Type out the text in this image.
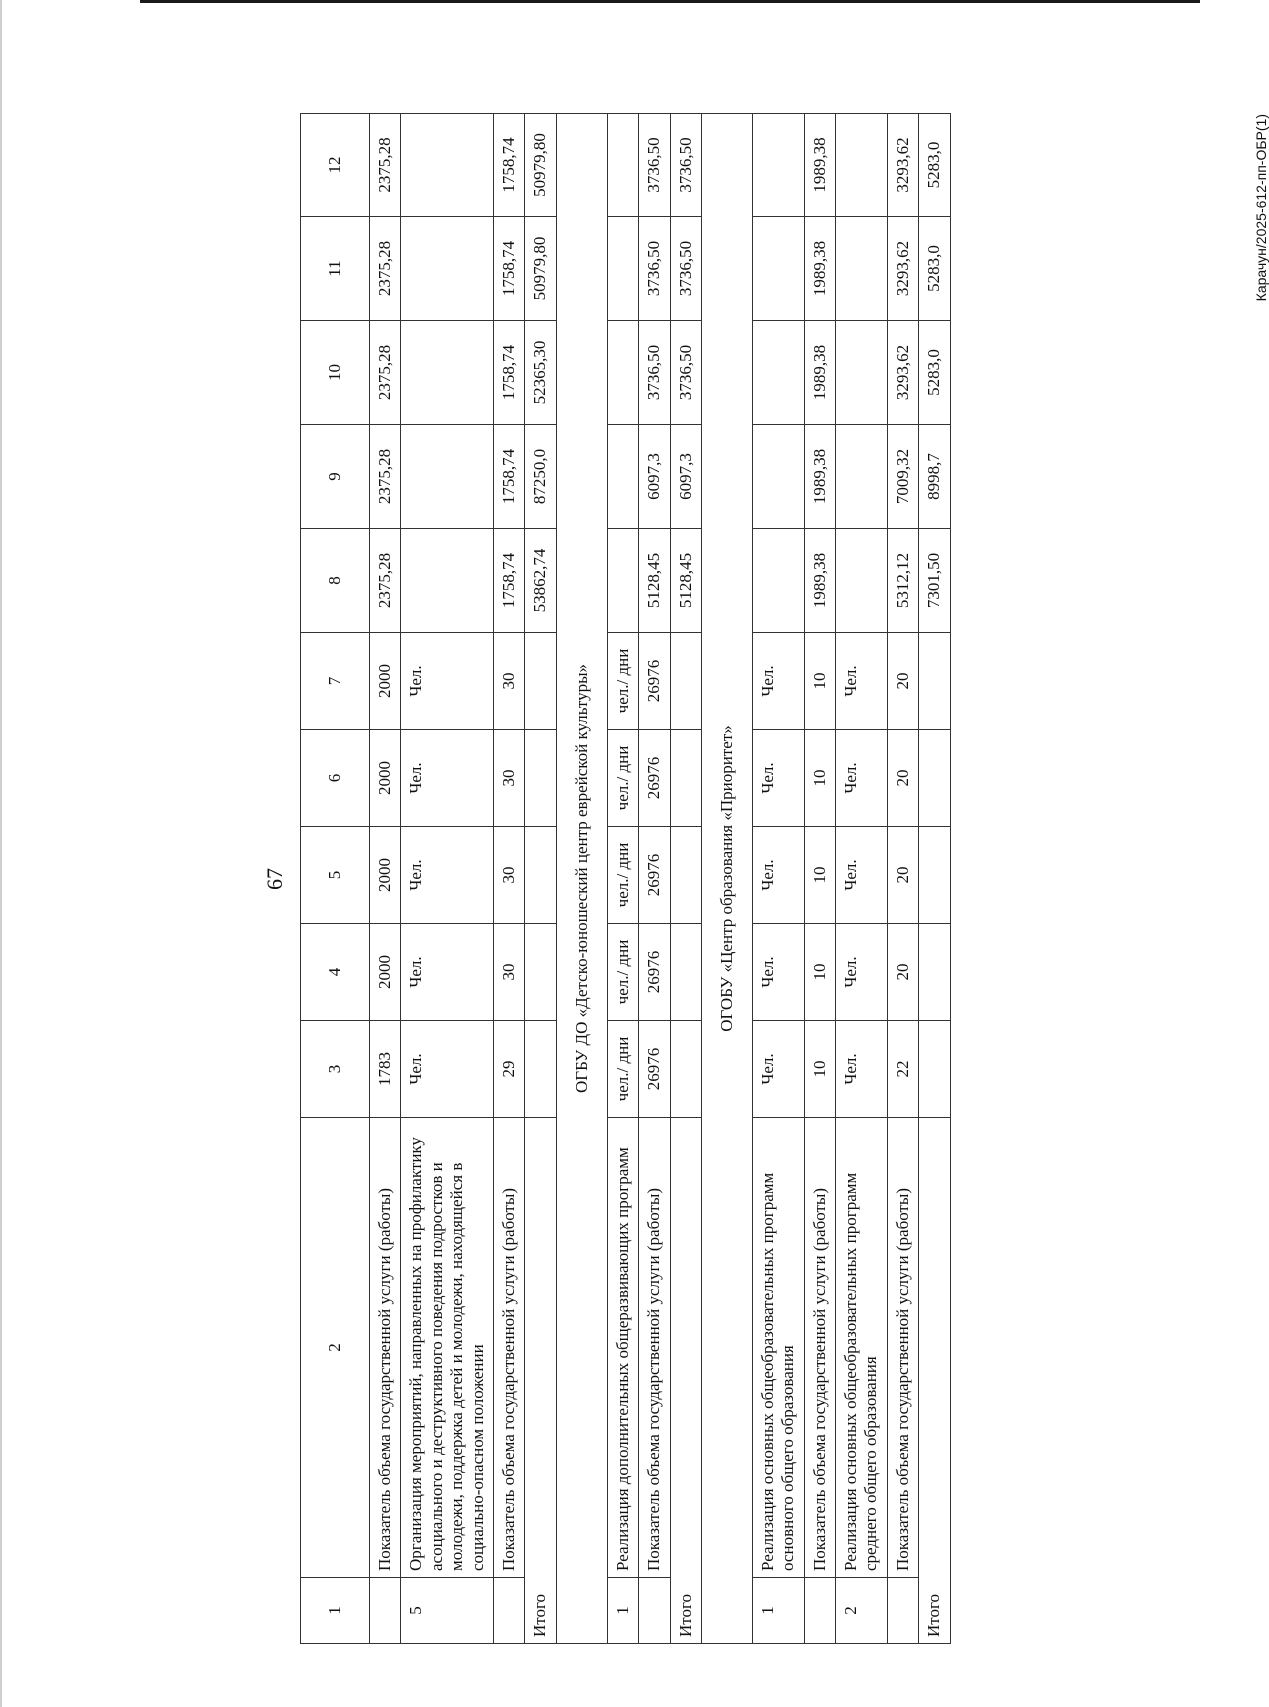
67
1	2	3	4	5	6	7	8	9	10	11	12
	Показатель объема государственной услуги (работы)	1783	2000	2000	2000	2000	2375,28	2375,28	2375,28	2375,28	2375,28
5	Организация мероприятий, направленных на профилактику асоциального и деструктивного поведения подростков и молодежи, поддержка детей и молодежи, находящейся в социально-опасном положении	Чел.	Чел.	Чел.	Чел.	Чел.					
	Показатель объема государственной услуги (работы)	29	30	30	30	30	1758,74	1758,74	1758,74	1758,74	1758,74
Итого							53862,74	87250,0	52365,30	50979,80	50979,80
ОГБУ ДО «Детско-юношеский центр еврейской культуры»											
1	Реализация дополнительных общеразвивающих программ	чел./ дни	чел./ дни	чел./ дни	чел./ дни	чел./ дни					
	Показатель объема государственной услуги (работы)	26976	26976	26976	26976	26976	5128,45	6097,3	3736,50	3736,50	3736,50
Итого							5128,45	6097,3	3736,50	3736,50	3736,50
ОГОБУ «Центр образования «Приоритет»											
1	Реализация основных общеобразовательных программ основного общего образования	Чел.	Чел.	Чел.	Чел.	Чел.					
	Показатель объема государственной услуги (работы)	10	10	10	10	10	1989,38	1989,38	1989,38	1989,38	1989,38
2	Реализация основных общеобразовательных программ среднего общего образования	Чел.	Чел.	Чел.	Чел.	Чел.					
	Показатель объема государственной услуги (работы)	22	20	20	20	20	5312,12	7009,32	3293,62	3293,62	3293,62
Итого							7301,50	8998,7	5283,0	5283,0	5283,0	Карачун/2025-612-пп-ОБР(1)
